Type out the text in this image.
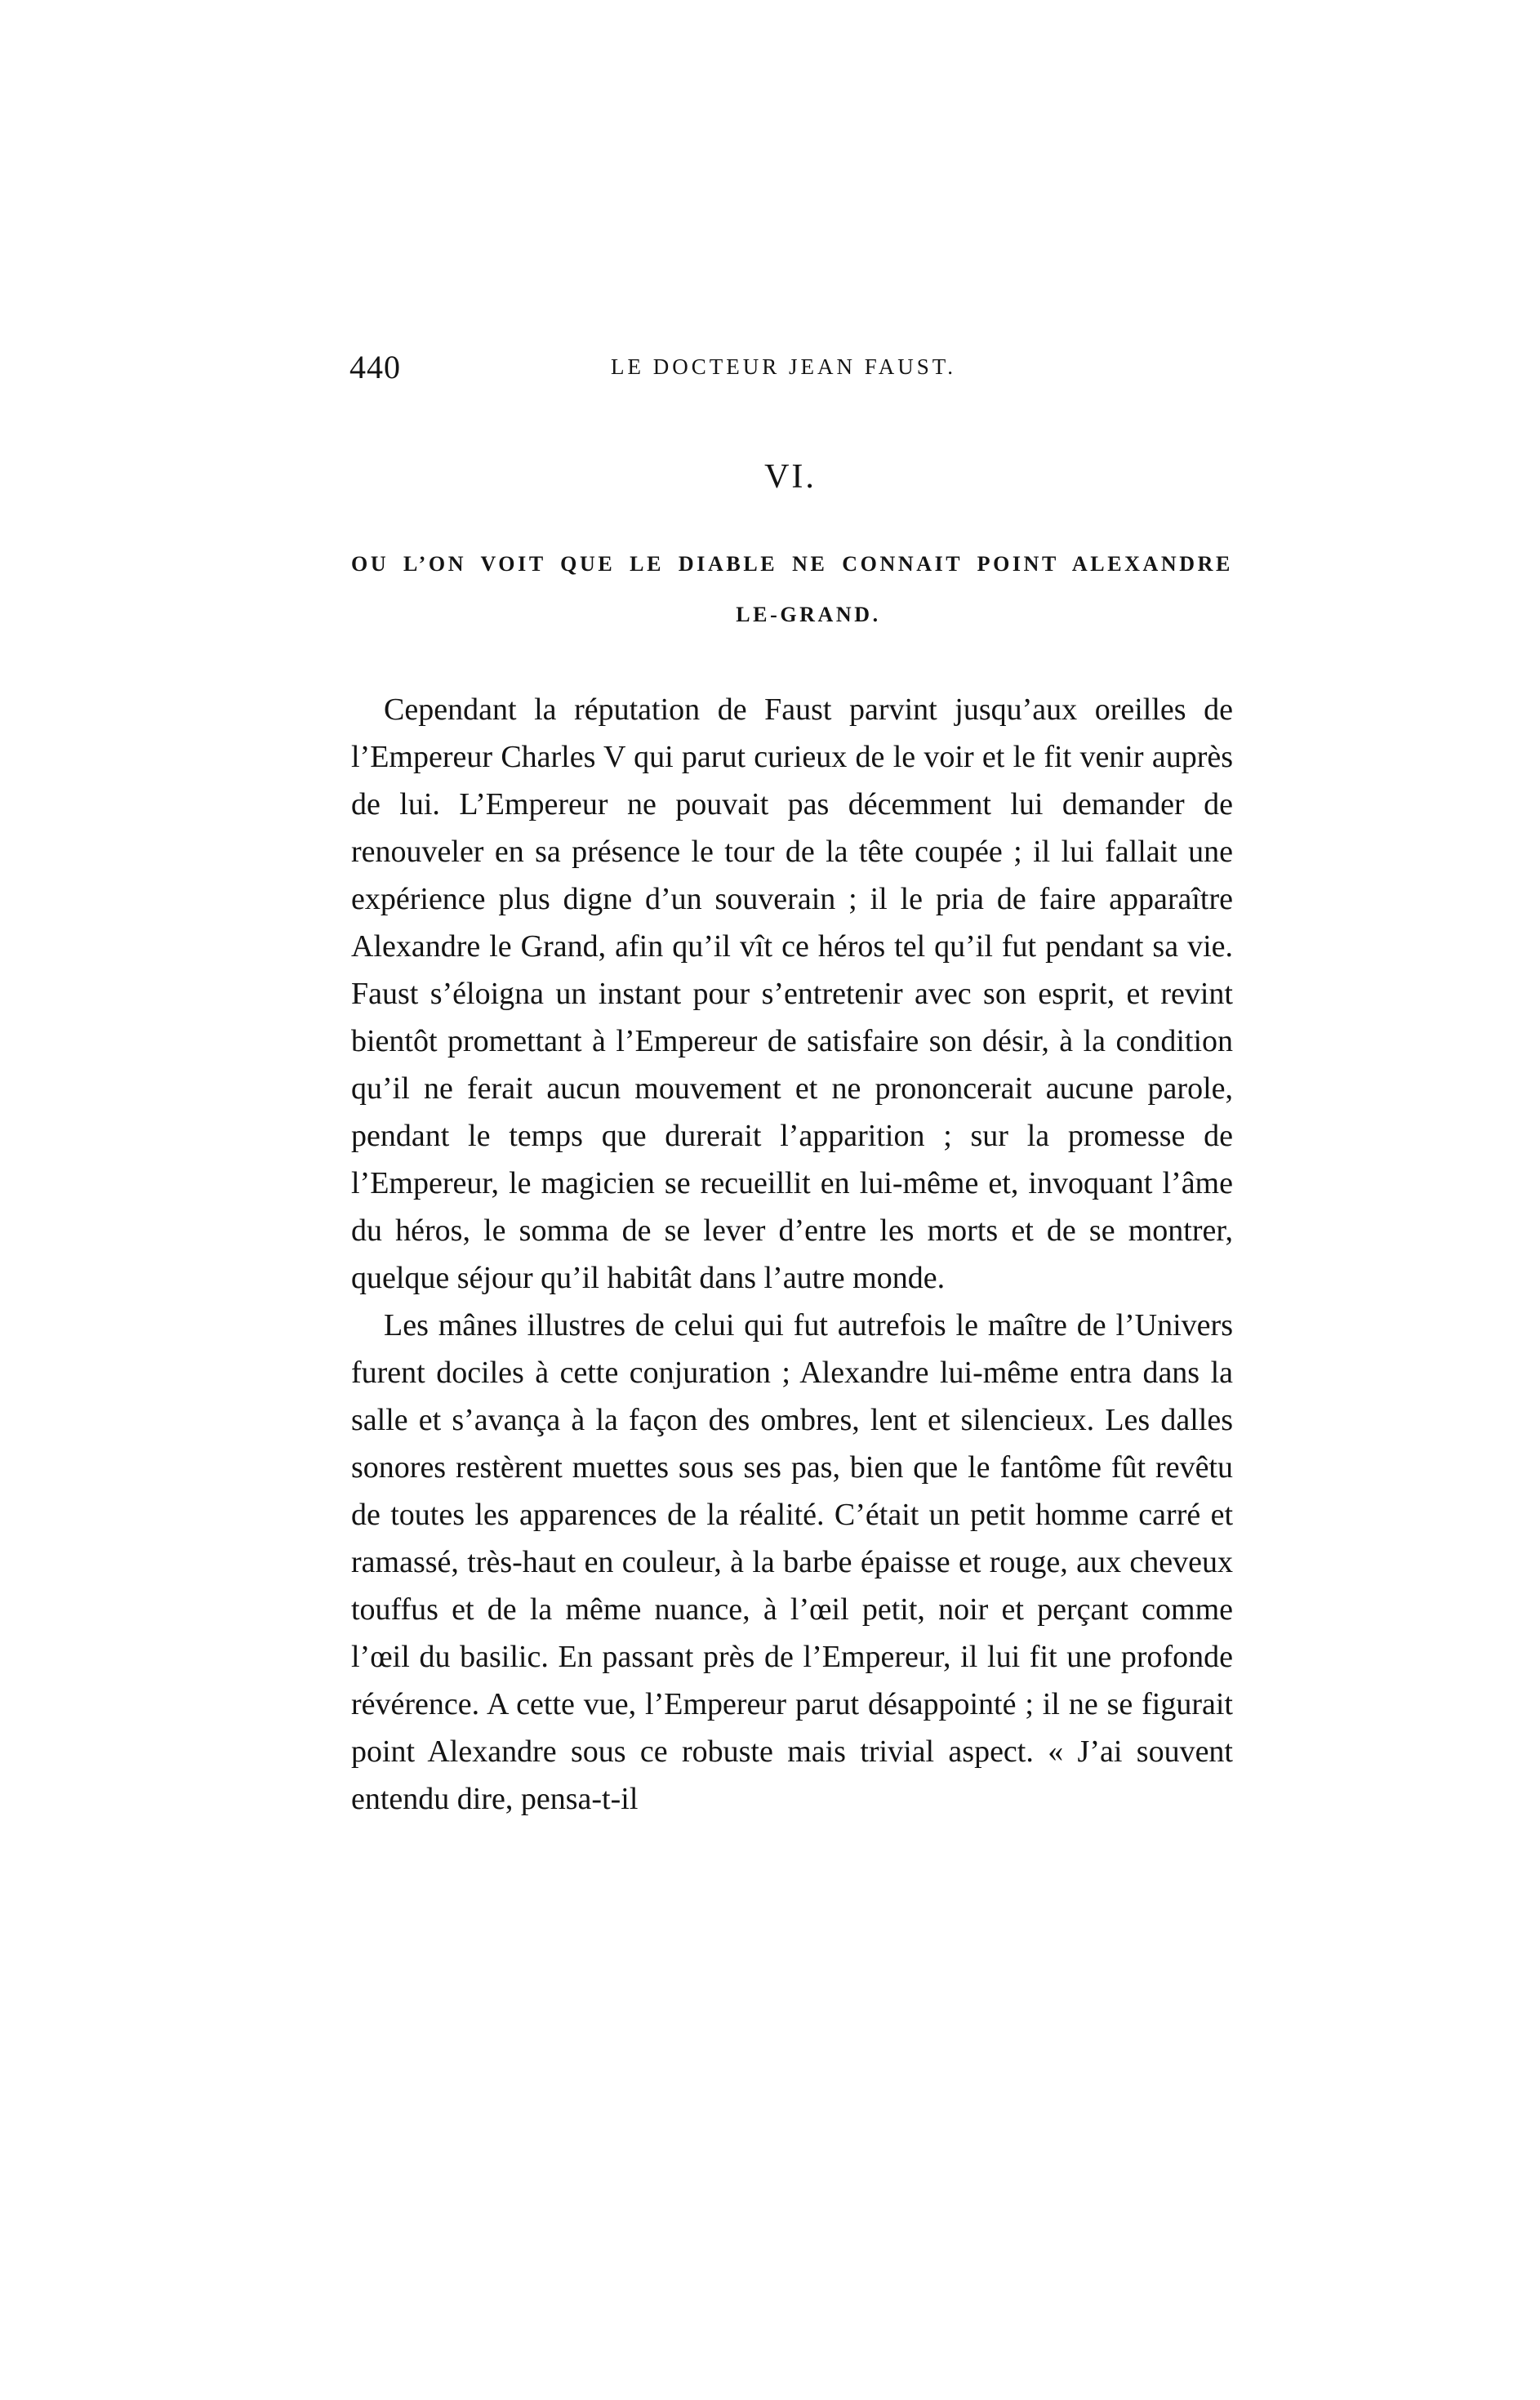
440	LE DOCTEUR JEAN FAUST.
VI.
OU L’ON VOIT QUE LE DIABLE NE CONNAIT POINT ALEXANDRE
LE-GRAND.

Cependant la réputation de Faust parvint jusqu’aux oreilles de l’Empereur Charles V qui parut curieux de le voir et le fit venir auprès de lui. L’Empereur ne pouvait pas décemment lui demander de renouveler en sa présence le tour de la tête coupée ; il lui fallait une expérience plus digne d’un souverain ; il le pria de faire apparaître Alexandre le Grand, afin qu’il vît ce héros tel qu’il fut pendant sa vie. Faust s’éloigna un instant pour s’entretenir avec son esprit, et revint bientôt promettant à l’Empereur de satisfaire son désir, à la condition qu’il ne ferait aucun mouvement et ne prononcerait aucune parole, pendant le temps que durerait l’apparition ; sur la promesse de l’Empereur, le magicien se recueillit en lui-même et, invoquant l’âme du héros, le somma de se lever d’entre les morts et de se montrer, quelque séjour qu’il habitât dans l’autre monde.

Les mânes illustres de celui qui fut autrefois le maître de l’Univers furent dociles à cette conjuration ; Alexandre lui-même entra dans la salle et s’avança à la façon des ombres, lent et silencieux. Les dalles sonores restèrent muettes sous ses pas, bien que le fantôme fût revêtu de toutes les apparences de la réalité. C’était un petit homme carré et ramassé, très-haut en couleur, à la barbe épaisse et rouge, aux cheveux touffus et de la même nuance, à l’œil petit, noir et perçant comme l’œil du basilic. En passant près de l’Empereur, il lui fit une profonde révérence. A cette vue, l’Empereur parut désappointé ; il ne se figurait point Alexandre sous ce robuste mais trivial aspect. « J’ai souvent entendu dire, pensa-t-il
